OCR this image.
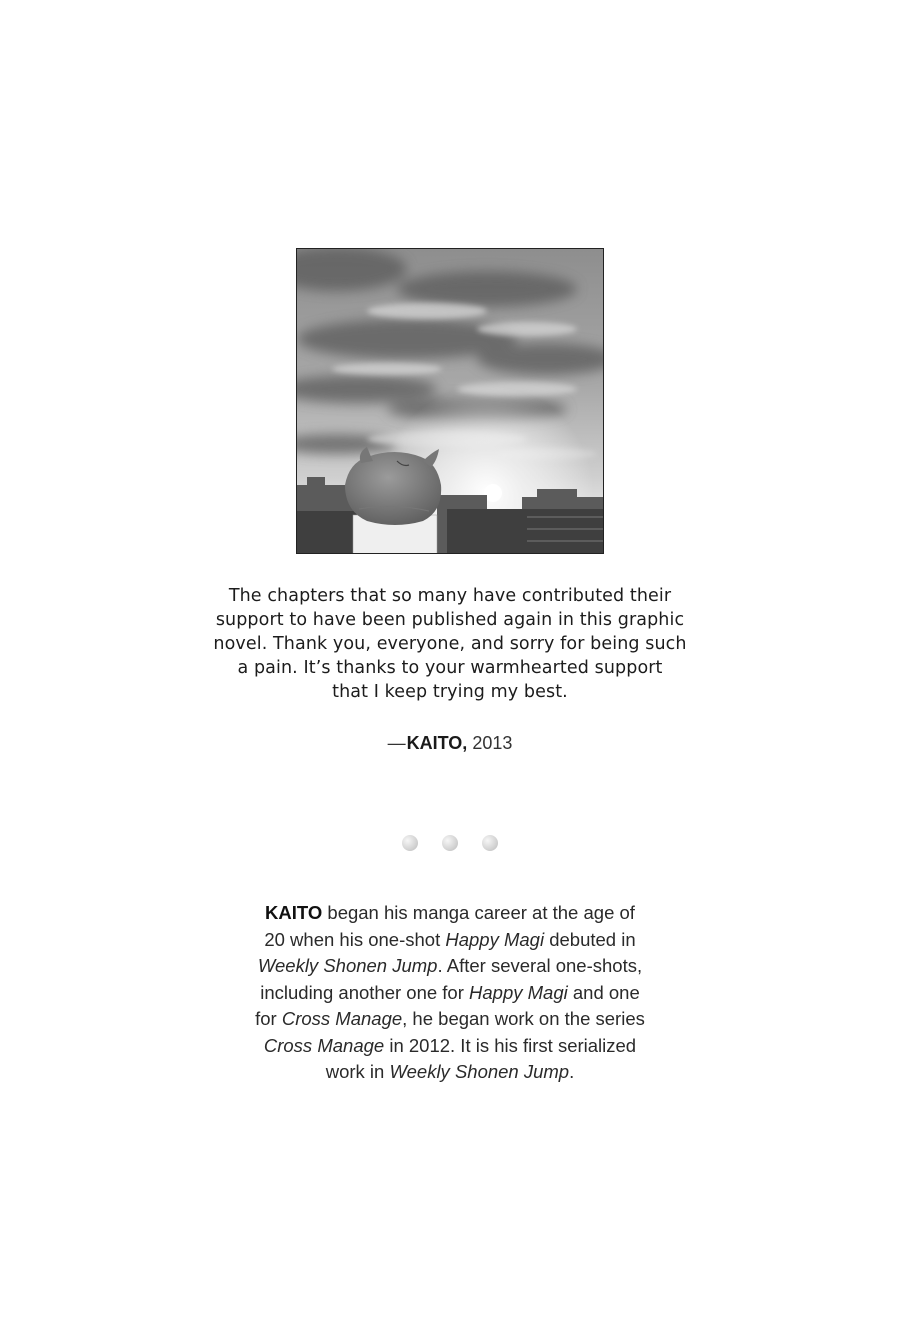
The chapters that so many have contributed their
support to have been published again in this graphic
novel. Thank you, everyone, and sorry for being such
a pain. It’s thanks to your warmhearted support
that I keep trying my best.

—KAITO, 2013

KAITO began his manga career at the age of
20 when his one-shot Happy Magi debuted in
Weekly Shonen Jump. After several one-shots,
including another one for Happy Magi and one
for Cross Manage, he began work on the series
Cross Manage in 2012. It is his first serialized
work in Weekly Shonen Jump.
